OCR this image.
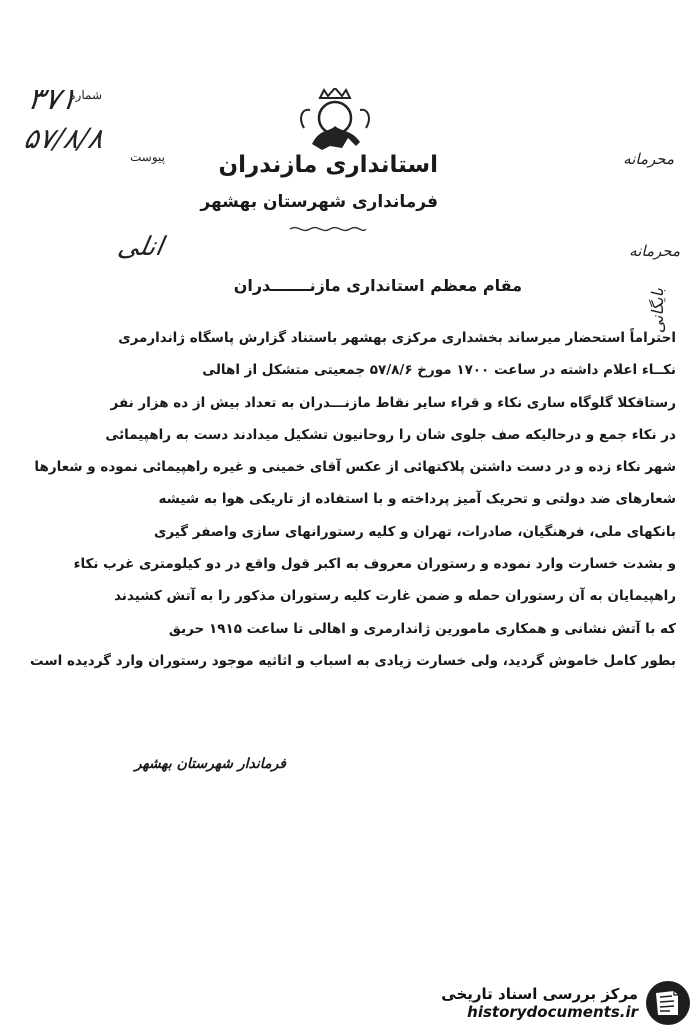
استانداری مازندران
فرمانداری شهرستان بهشهر
شماره
۳۷۱
۵۷/۸/۸
پیوست	محرمانه
محرمانه
انلی
بایگانی
مقام معظم استانداری مازنـــــــدران
احتراماً استحضار میرساند بخشداری مرکزی بهشهر باستناد گزارش پاسگاه ژاندارمری
نکــاء اعلام داشته در ساعت ۱۷۰۰ مورخ ۵۷/۸/۶ جمعیتی متشکل از اهالی
رستاقکلا گلوگاه ساری نکاء و قراء سایر نقاط مازنـــدران به تعداد بیش از ده هزار نفر
در نکاء جمع و درحالیکه صف جلوی شان را روحانیون تشکیل میدادند دست به راهپیمائی
شهر نکاء زده و در دست داشتن پلاکتهائی از عکس آقای خمینی و غیره راهپیمائی نموده و شعارها
شعارهای ضد دولتی و تحریک آمیز پرداخته و با استفاده از تاریکی هوا به شیشه
بانکهای ملی، فرهنگیان، صادرات، تهران و کلیه رستورانهای سازی واصفر گیری
و بشدت خسارت وارد نموده و رستوران معروف به اکبر قول واقع در دو کیلومتری غرب نکاء
راهپیمایان به آن رستوران حمله و ضمن غارت کلیه رستوران مذکور را به آتش کشیدند
که با آتش نشانی و همکاری مامورین ژاندارمری و اهالی تا ساعت ۱۹۱۵ حریق
بطور کامل خاموش گردید، ولی خسارت زیادی به اسباب و اثاثیه موجود رستوران وارد گردیده است
فرماندار شهرستان بهشهر
مرکز بررسی اسناد تاریخی
historydocuments.ir
